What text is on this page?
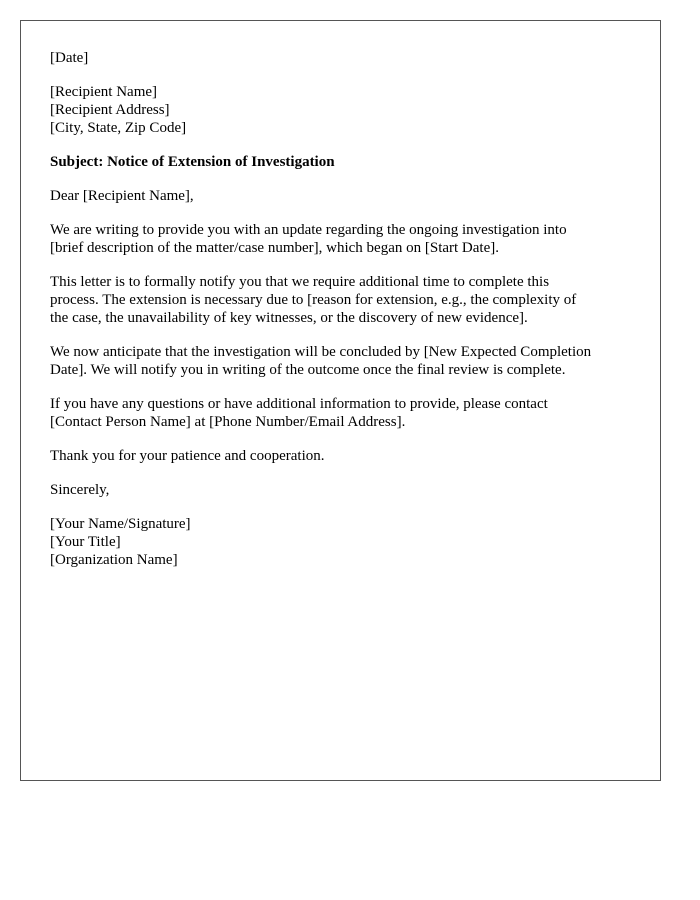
[Date]
[Recipient Name]
[Recipient Address]
[City, State, Zip Code]
Subject: Notice of Extension of Investigation
Dear [Recipient Name],
We are writing to provide you with an update regarding the ongoing investigation into
[brief description of the matter/case number], which began on [Start Date].
This letter is to formally notify you that we require additional time to complete this
process. The extension is necessary due to [reason for extension, e.g., the complexity of
the case, the unavailability of key witnesses, or the discovery of new evidence].
We now anticipate that the investigation will be concluded by [New Expected Completion
Date]. We will notify you in writing of the outcome once the final review is complete.
If you have any questions or have additional information to provide, please contact
[Contact Person Name] at [Phone Number/Email Address].
Thank you for your patience and cooperation.
Sincerely,
[Your Name/Signature]
[Your Title]
[Organization Name]
